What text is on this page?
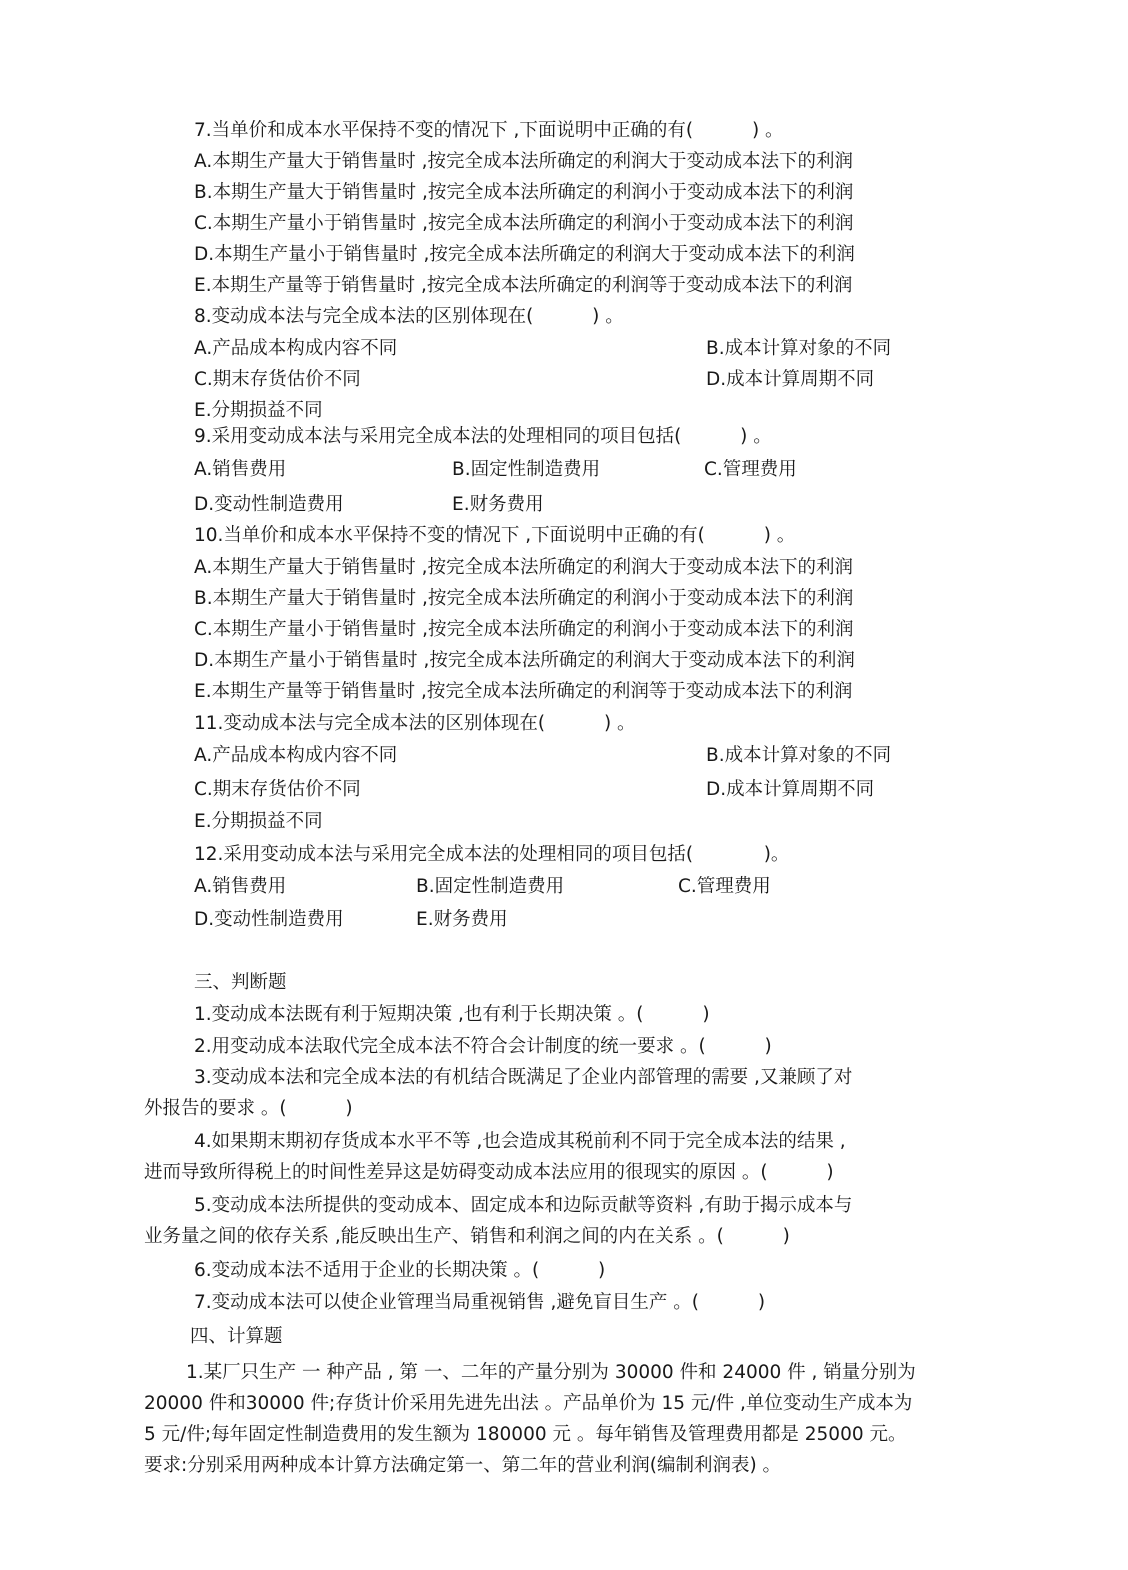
7.当单价和成本水平保持不变的情况下 ,下面说明中正确的有(          ) 。
A.本期生产量大于销售量时 ,按完全成本法所确定的利润大于变动成本法下的利润
B.本期生产量大于销售量时 ,按完全成本法所确定的利润小于变动成本法下的利润
C.本期生产量小于销售量时 ,按完全成本法所确定的利润小于变动成本法下的利润
D.本期生产量小于销售量时 ,按完全成本法所确定的利润大于变动成本法下的利润
E.本期生产量等于销售量时 ,按完全成本法所确定的利润等于变动成本法下的利润
8.变动成本法与完全成本法的区别体现在(          ) 。
A.产品成本构成内容不同	B.成本计算对象的不同
C.期末存货估价不同	D.成本计算周期不同
E.分期损益不同
9.采用变动成本法与采用完全成本法的处理相同的项目包括(          ) 。
A.销售费用	B.固定性制造费用	C.管理费用
D.变动性制造费用	E.财务费用
10.当单价和成本水平保持不变的情况下 ,下面说明中正确的有(          ) 。
A.本期生产量大于销售量时 ,按完全成本法所确定的利润大于变动成本法下的利润
B.本期生产量大于销售量时 ,按完全成本法所确定的利润小于变动成本法下的利润
C.本期生产量小于销售量时 ,按完全成本法所确定的利润小于变动成本法下的利润
D.本期生产量小于销售量时 ,按完全成本法所确定的利润大于变动成本法下的利润
E.本期生产量等于销售量时 ,按完全成本法所确定的利润等于变动成本法下的利润
11.变动成本法与完全成本法的区别体现在(          ) 。
A.产品成本构成内容不同	B.成本计算对象的不同
C.期末存货估价不同	D.成本计算周期不同
E.分期损益不同
12.采用变动成本法与采用完全成本法的处理相同的项目包括(            )。
A.销售费用	B.固定性制造费用	C.管理费用
D.变动性制造费用	E.财务费用
三、判断题
1.变动成本法既有利于短期决策 ,也有利于长期决策 。(          )
2.用变动成本法取代完全成本法不符合会计制度的统一要求 。(          )
3.变动成本法和完全成本法的有机结合既满足了企业内部管理的需要 ,又兼顾了对
外报告的要求 。(          )
4.如果期末期初存货成本水平不等 ,也会造成其税前利不同于完全成本法的结果 ,
进而导致所得税上的时间性差异这是妨碍变动成本法应用的很现实的原因 。(          )
5.变动成本法所提供的变动成本、固定成本和边际贡献等资料 ,有助于揭示成本与
业务量之间的依存关系 ,能反映出生产、销售和利润之间的内在关系 。(          )
6.变动成本法不适用于企业的长期决策 。(          )
7.变动成本法可以使企业管理当局重视销售 ,避免盲目生产 。(          )
四、计算题
1.某厂只生产 一 种产品 , 第 一、二年的产量分别为 30000 件和 24000 件 , 销量分别为
20000 件和30000 件;存货计价采用先进先出法 。产品单价为 15 元/件 ,单位变动生产成本为
5 元/件;每年固定性制造费用的发生额为 180000 元 。每年销售及管理费用都是 25000 元。
要求:分别采用两种成本计算方法确定第一、第二年的营业利润(编制利润表) 。
